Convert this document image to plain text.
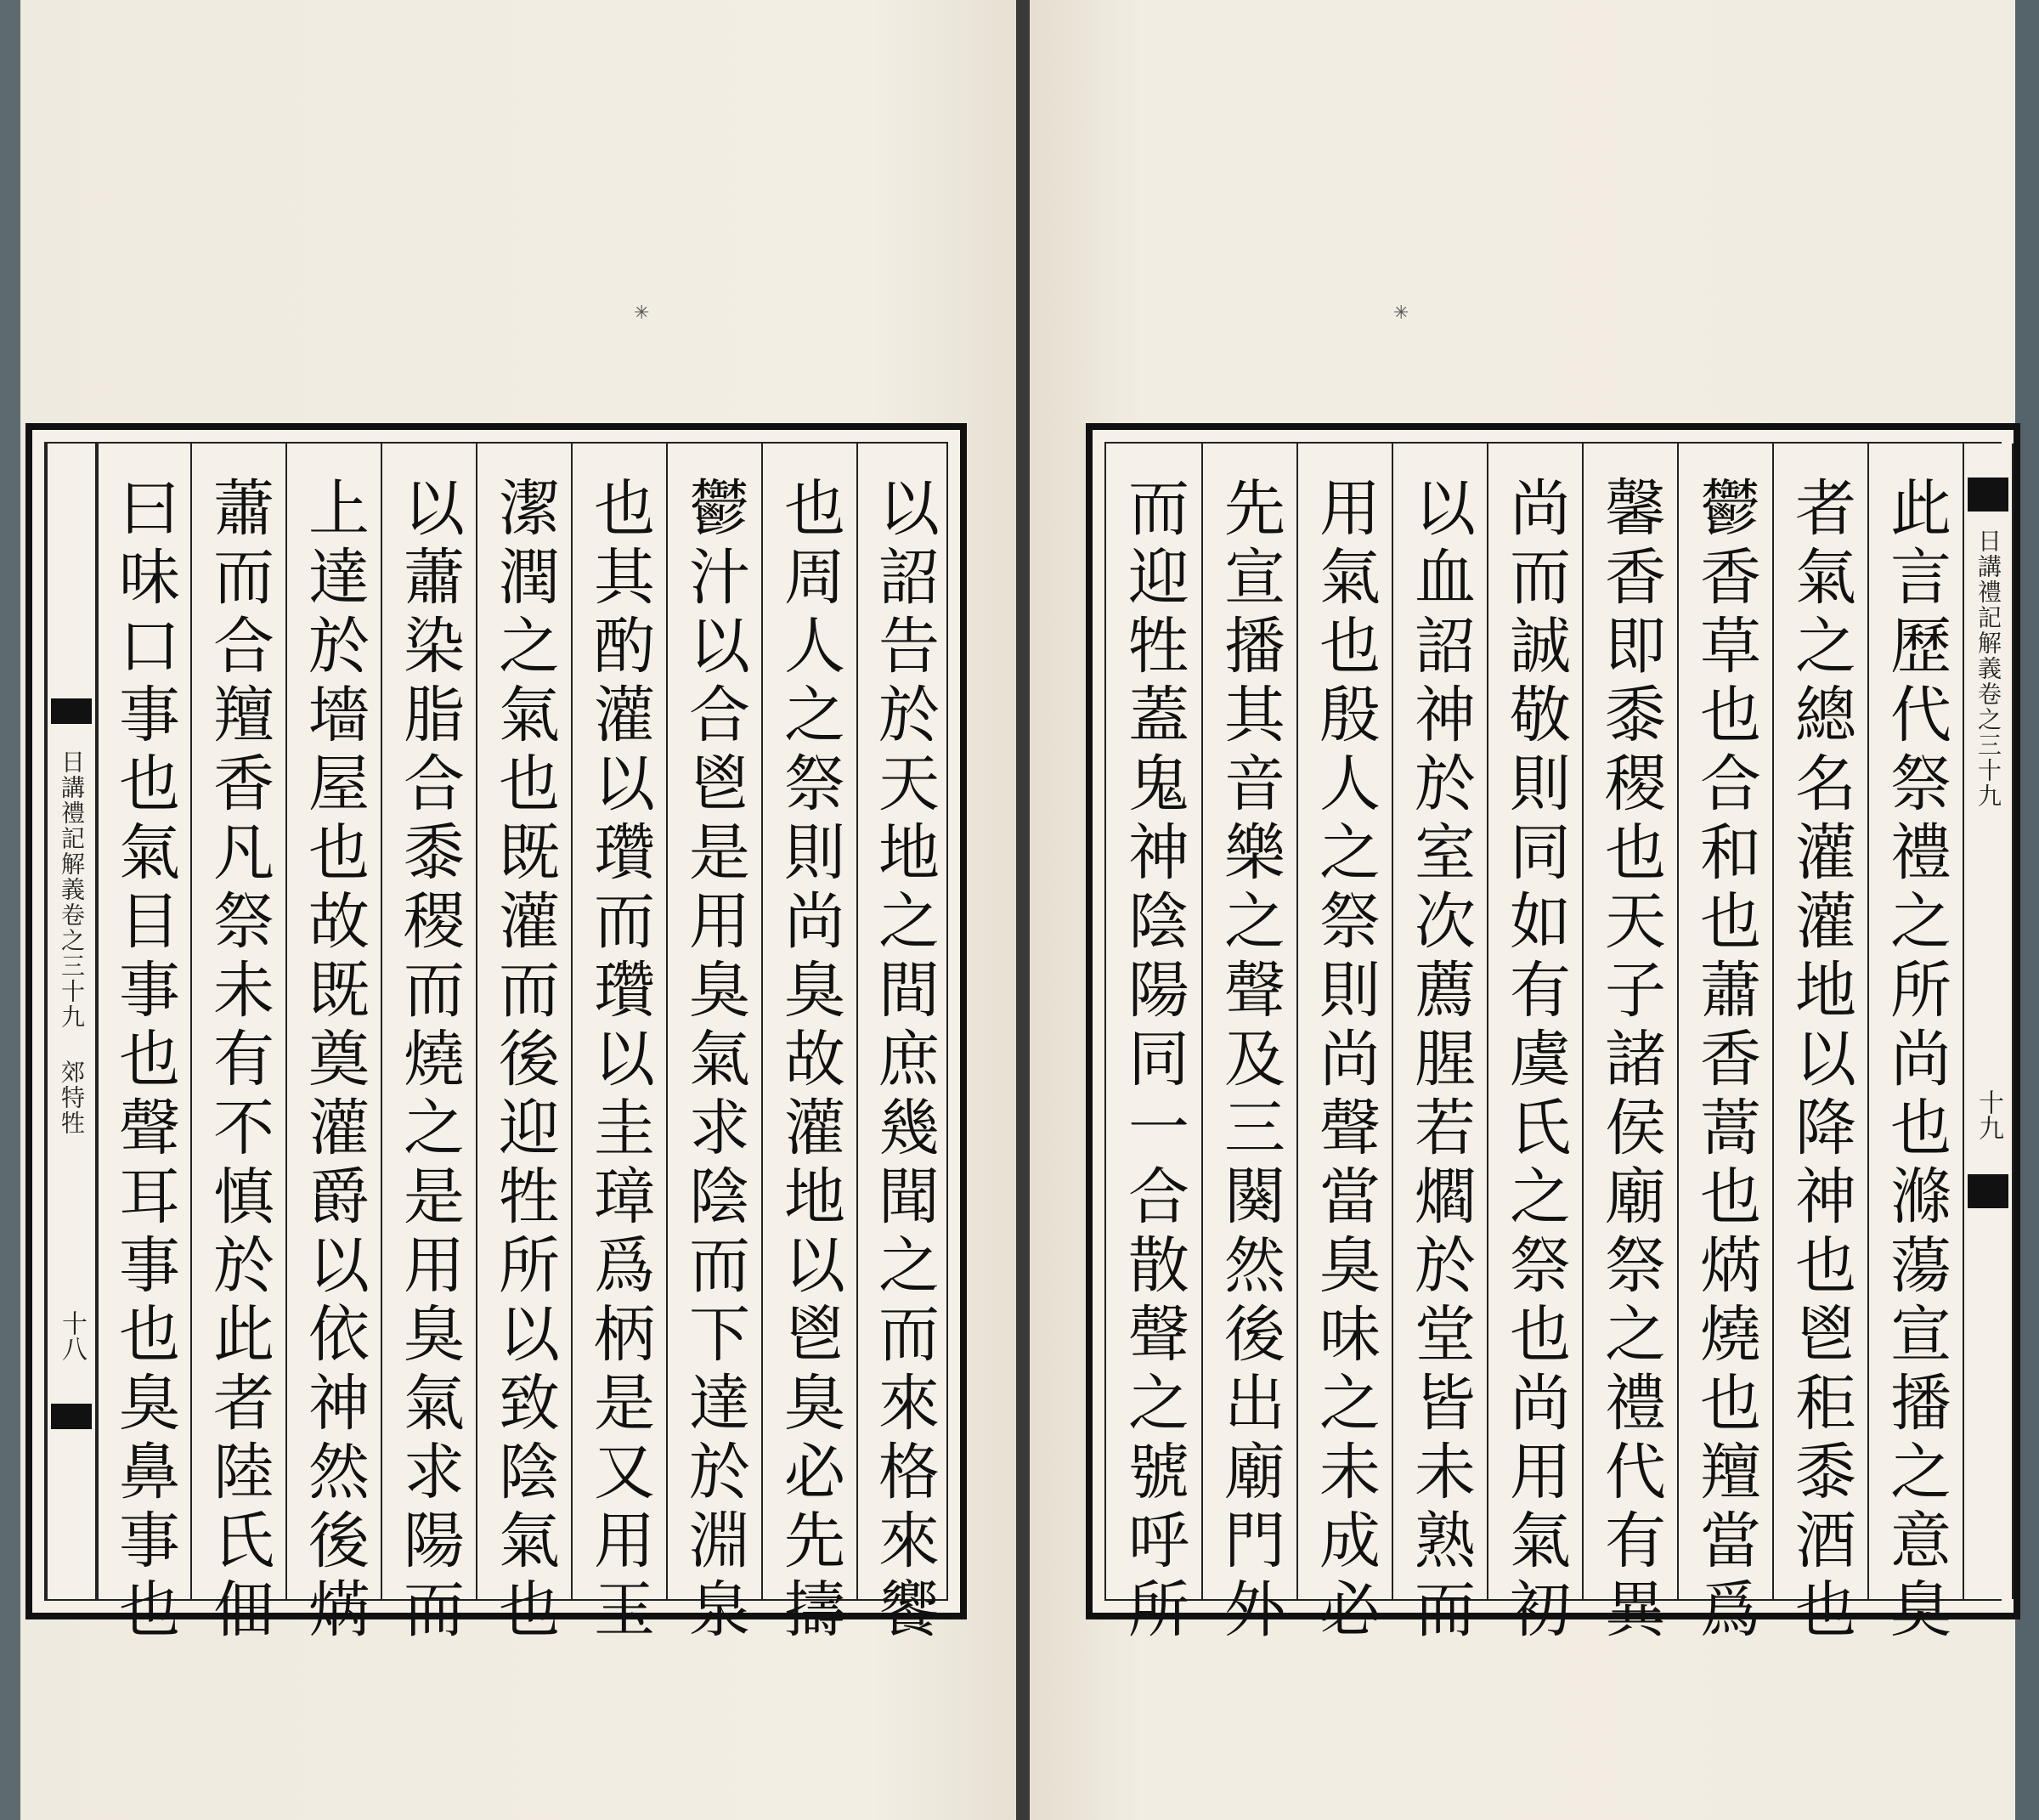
✳	✳
日講禮記解義卷之三十九 郊特牲
十八 曰味口事也氣目事也聲耳事也臭鼻事也 蕭而合羶香凡祭未有不慎於此者陸氏佃 上達於墻屋也故既奠灌爵以依神然後焫 以蕭染脂合黍稷而燒之是用臭氣求陽而 潔潤之氣也既灌而後迎牲所以致陰氣也 也其酌灌以瓚而瓚以圭璋爲柄是又用玉 鬱汁以合鬯是用臭氣求陰而下達於淵泉 也周人之祭則尚臭故灌地以鬯臭必先擣 以詔告於天地之間庶幾聞之而來格來饗	而迎牲蓋鬼神陰陽同一合散聲之號呼所 先宣播其音樂之聲及三闋然後出廟門外 用氣也殷人之祭則尚聲當臭味之未成必 以血詔神於室次薦腥若爓於堂皆未熟而 尚而誠敬則同如有虞氏之祭也尚用氣初 馨香即黍稷也天子諸侯廟祭之禮代有異 鬱香草也合和也蕭香蒿也焫燒也羶當爲 者氣之總名灌灌地以降神也鬯秬黍酒也 此言歷代祭禮之所尚也滌蕩宣播之意臭 日講禮記解義卷之三十九
十九
